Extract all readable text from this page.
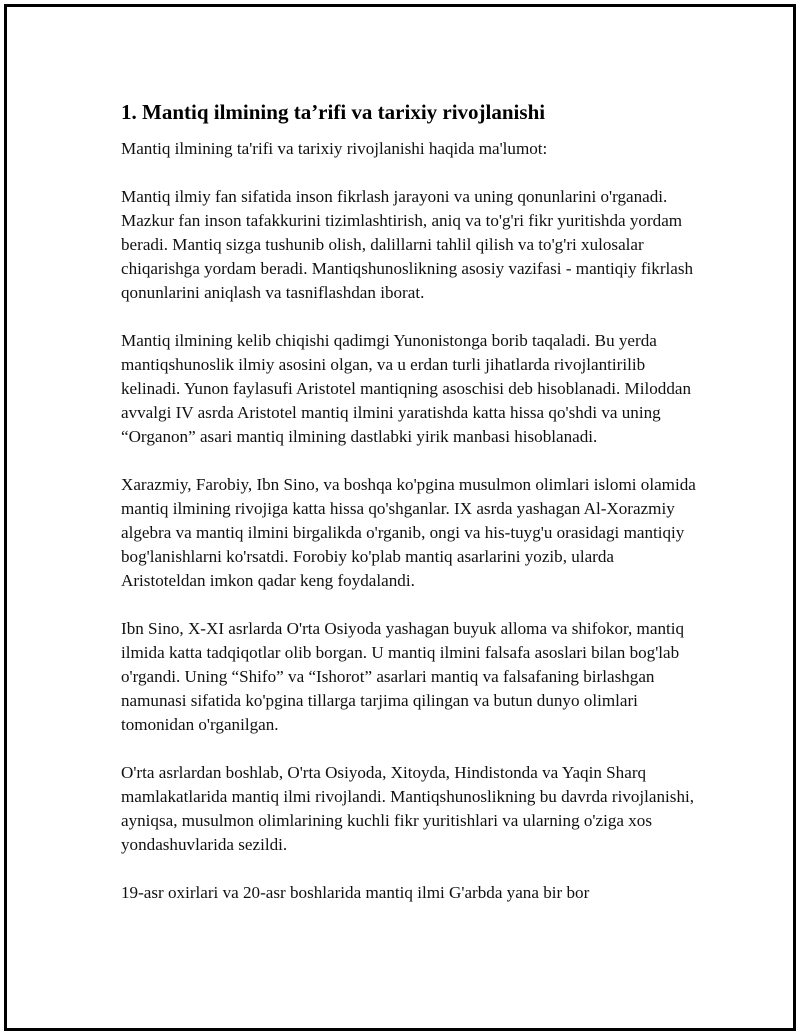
1. Mantiq ilmining ta’rifi va tarixiy rivojlanishi

Mantiq ilmining ta'rifi va tarixiy rivojlanishi haqida ma'lumot:

Mantiq ilmiy fan sifatida inson fikrlash jarayoni va uning qonunlarini o'rganadi. Mazkur fan inson tafakkurini tizimlashtirish, aniq va to'g'ri fikr yuritishda yordam beradi. Mantiq sizga tushunib olish, dalillarni tahlil qilish va to'g'ri xulosalar chiqarishga yordam beradi. Mantiqshunoslikning asosiy vazifasi - mantiqiy fikrlash qonunlarini aniqlash va tasniflashdan iborat.

Mantiq ilmining kelib chiqishi qadimgi Yunonistonga borib taqaladi. Bu yerda mantiqshunoslik ilmiy asosini olgan, va u erdan turli jihatlarda rivojlantirilib kelinadi. Yunon faylasufi Aristotel mantiqning asoschisi deb hisoblanadi. Miloddan avvalgi IV asrda Aristotel mantiq ilmini yaratishda katta hissa qo'shdi va uning “Organon” asari mantiq ilmining dastlabki yirik manbasi hisoblanadi.

Xarazmiy, Farobiy, Ibn Sino, va boshqa ko'pgina musulmon olimlari islomi olamida mantiq ilmining rivojiga katta hissa qo'shganlar. IX asrda yashagan Al-Xorazmiy algebra va mantiq ilmini birgalikda o'rganib, ongi va his-tuyg'u orasidagi mantiqiy bog'lanishlarni ko'rsatdi. Forobiy ko'plab mantiq asarlarini yozib, ularda Aristoteldan imkon qadar keng foydalandi.

Ibn Sino, X-XI asrlarda O'rta Osiyoda yashagan buyuk alloma va shifokor, mantiq ilmida katta tadqiqotlar olib borgan. U mantiq ilmini falsafa asoslari bilan bog'lab o'rgandi. Uning “Shifo” va “Ishorot” asarlari mantiq va falsafaning birlashgan namunasi sifatida ko'pgina tillarga tarjima qilingan va butun dunyo olimlari tomonidan o'rganilgan.

O'rta asrlardan boshlab, O'rta Osiyoda, Xitoyda, Hindistonda va Yaqin Sharq mamlakatlarida mantiq ilmi rivojlandi. Mantiqshunoslikning bu davrda rivojlanishi, ayniqsa, musulmon olimlarining kuchli fikr yuritishlari va ularning o'ziga xos yondashuvlarida sezildi.

19-asr oxirlari va 20-asr boshlarida mantiq ilmi G'arbda yana bir bor
